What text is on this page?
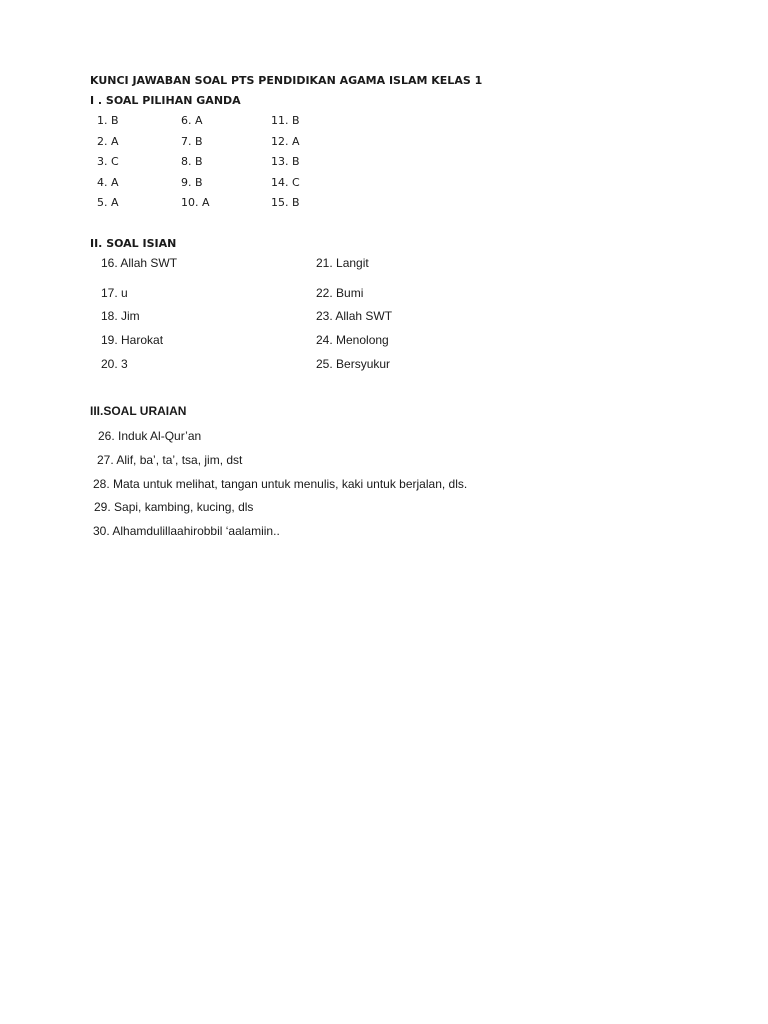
KUNCI JAWABAN SOAL PTS PENDIDIKAN AGAMA ISLAM KELAS 1
I . SOAL PILIHAN GANDA
1. B
2. A
3. C
4. A
5. A
6. A
7. B
8. B
9. B
10. A
11. B
12. A
13. B
14. C
15. B
II. SOAL ISIAN
16. Allah SWT
17. u
18. Jim
19. Harokat
20. 3
21. Langit
22. Bumi
23. Allah SWT
24. Menolong
25. Bersyukur
III.SOAL URAIAN
26. Induk Al-Qur’an
27. Alif, ba’, ta’, tsa, jim, dst
28. Mata untuk melihat, tangan untuk menulis, kaki untuk berjalan, dls.
29. Sapi, kambing, kucing, dls
30. Alhamdulillaahirobbil ‘aalamiin..
